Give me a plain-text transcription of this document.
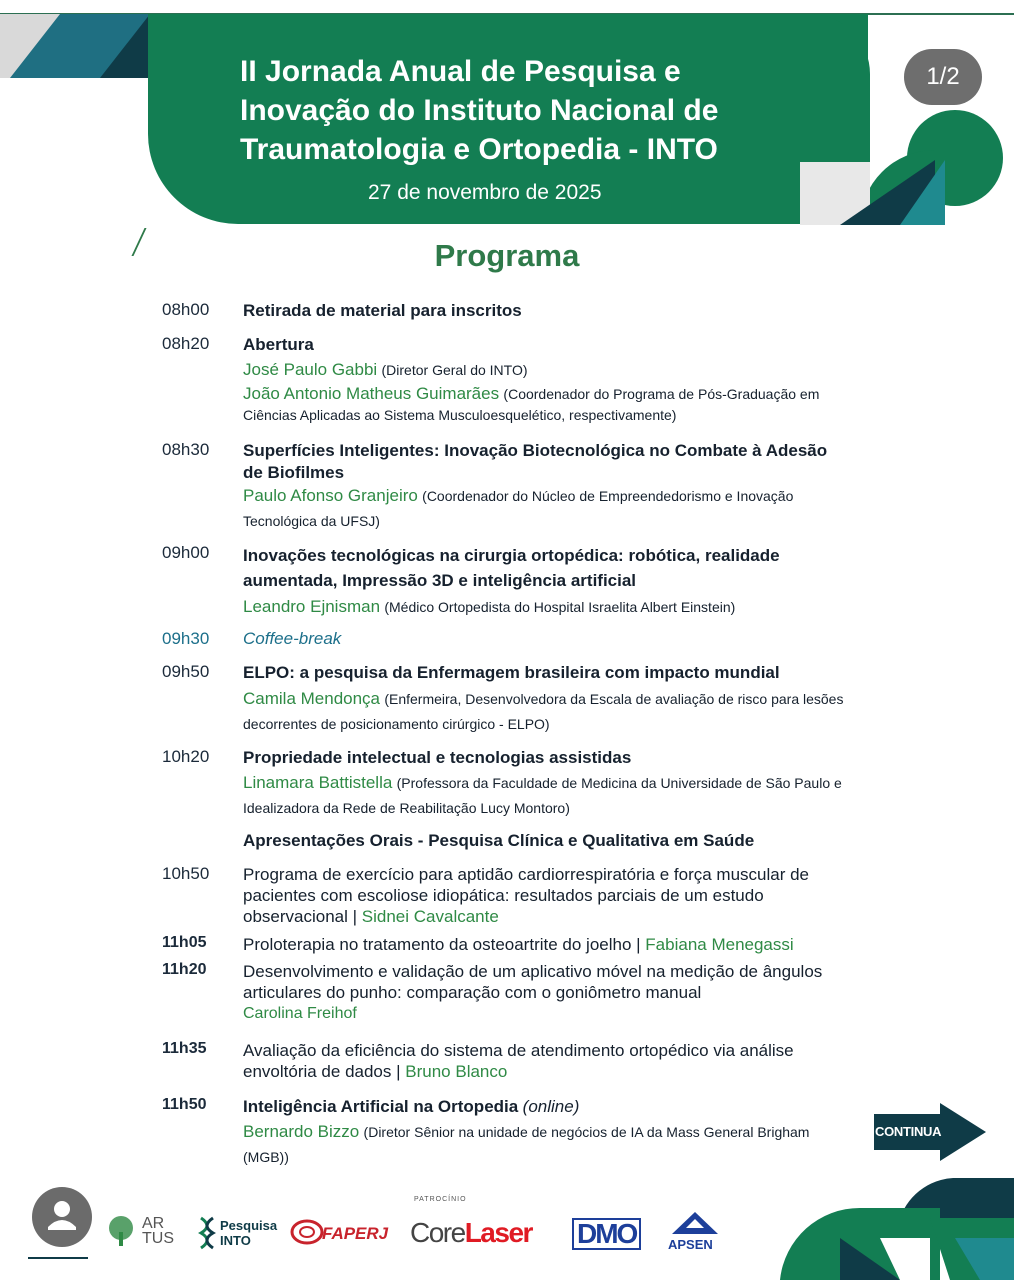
II Jornada Anual de Pesquisa e Inovação do Instituto Nacional de Traumatologia e Ortopedia - INTO
27 de novembro de 2025
1/2
Programa
08h00 Retirada de material para inscritos
08h20 Abertura
José Paulo Gabbi (Diretor Geral do INTO)
João Antonio Matheus Guimarães (Coordenador do Programa de Pós-Graduação em Ciências Aplicadas ao Sistema Musculoesquelético, respectivamente)
08h30 Superfícies Inteligentes: Inovação Biotecnológica no Combate à Adesão de Biofilmes
Paulo Afonso Granjeiro (Coordenador do Núcleo de Empreendedorismo e Inovação Tecnológica da UFSJ)
09h00 Inovações tecnológicas na cirurgia ortopédica: robótica, realidade aumentada, Impressão 3D e inteligência artificial
Leandro Ejnisman (Médico Ortopedista do Hospital Israelita Albert Einstein)
09h30 Coffee-break
09h50 ELPO: a pesquisa da Enfermagem brasileira com impacto mundial
Camila Mendonça (Enfermeira, Desenvolvedora da Escala de avaliação de risco para lesões decorrentes de posicionamento cirúrgico - ELPO)
10h20 Propriedade intelectual e tecnologias assistidas
Linamara Battistella (Professora da Faculdade de Medicina da Universidade de São Paulo e Idealizadora da Rede de Reabilitação Lucy Montoro)
Apresentações Orais - Pesquisa Clínica e Qualitativa em Saúde
10h50 Programa de exercício para aptidão cardiorrespiratória e força muscular de pacientes com escoliose idiopática: resultados parciais de um estudo observacional | Sidnei Cavalcante
11h05 Proloterapia no tratamento da osteoartrite do joelho | Fabiana Menegassi
11h20 Desenvolvimento e validação de um aplicativo móvel na medição de ângulos articulares do punho: comparação com o goniômetro manual
Carolina Freihof
11h35 Avaliação da eficiência do sistema de atendimento ortopédico via análise envoltória de dados | Bruno Blanco
11h50 Inteligência Artificial na Ortopedia (online)
Bernardo Bizzo (Diretor Sênior na unidade de negócios de IA da Mass General Brigham (MGB))
CONTINUA
PATROCÍNIO
AR
TUS
Pesquisa
INTO	FAPERJ CoreLaser DMO	APSEN
